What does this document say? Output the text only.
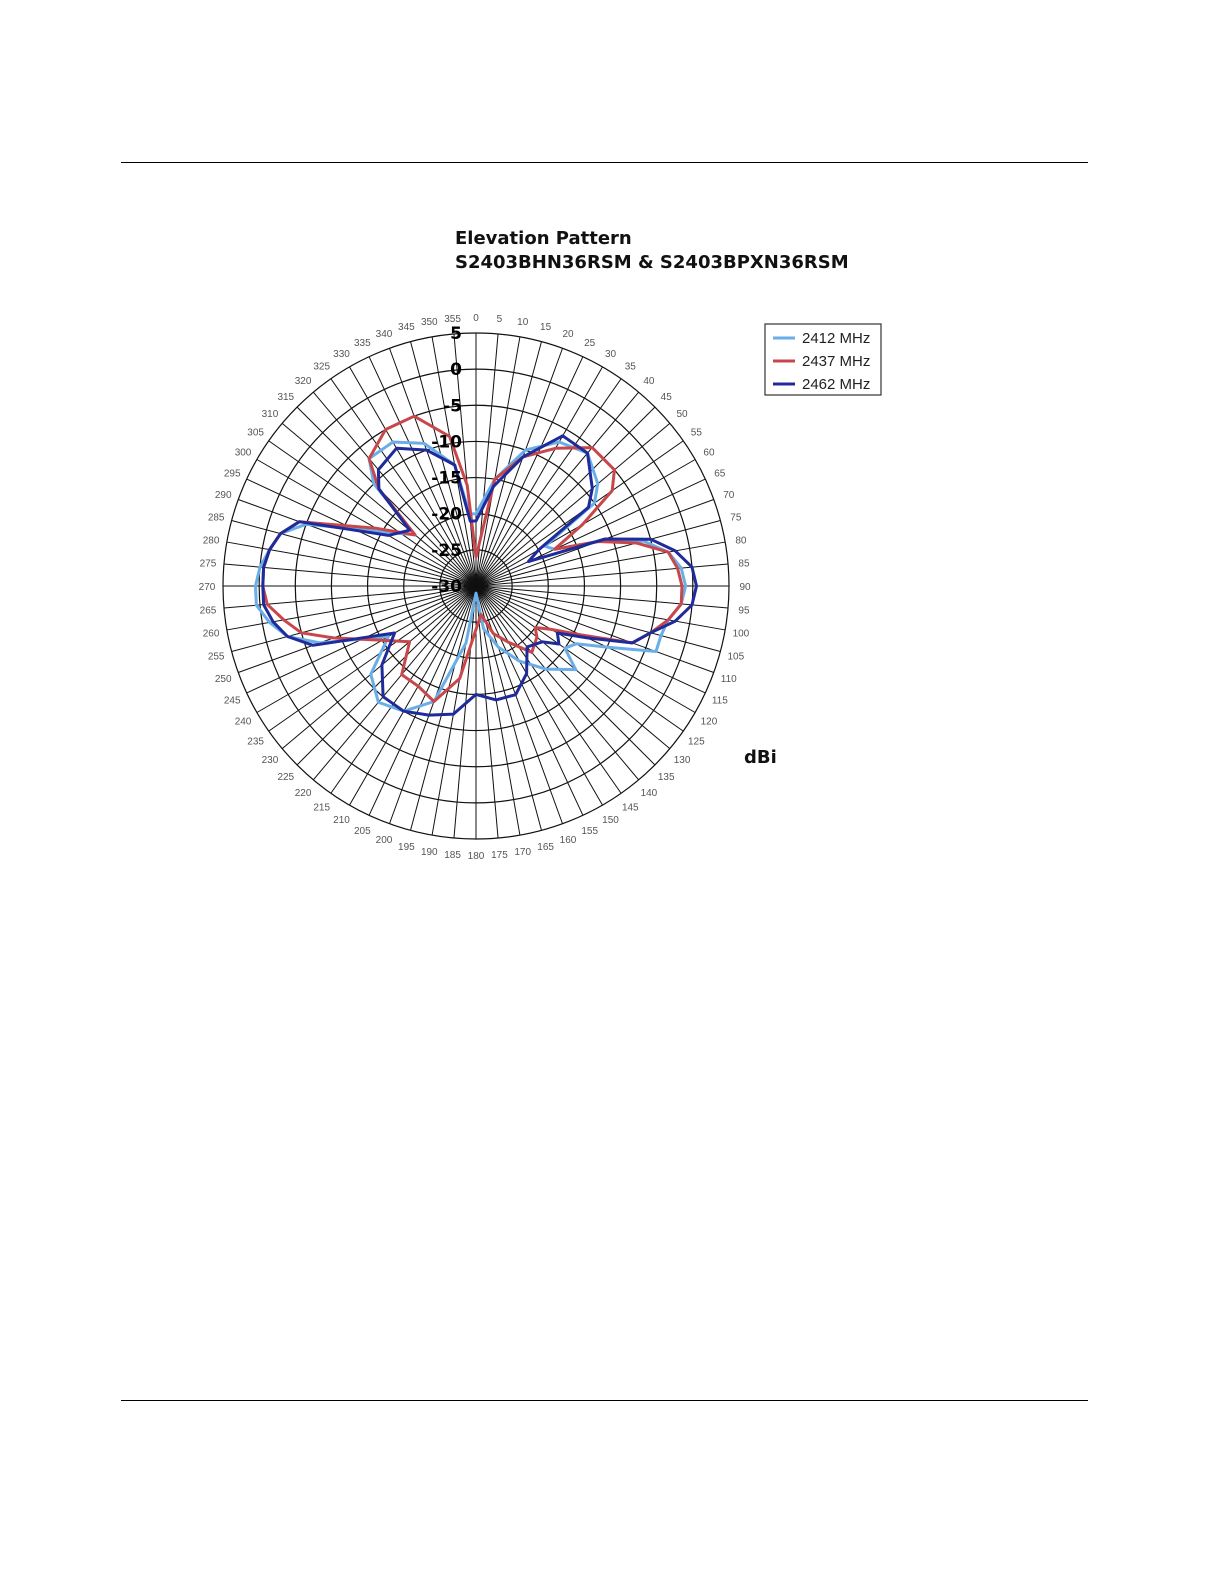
Elevation Pattern
S2403BHN36RSM & S2403BPXN36RSM
0 5 10 15
20
25
30
35
40
45
50
55
60
65
70
75
80
85
90
95
100
105
110
115
120
125
130
135
140
145
150
155
160
165
170
175
180
185
190
195
200
205
210
215
220
225
230
235
240
245
250
255
260
265
270
275
280
285
290
295
300
305
310
315
320
325
330
335
340
345 350 355
5
0
-5
-10
-15
-20
-25
-30
2412 MHz
2437 MHz
2462 MHz
dBi
